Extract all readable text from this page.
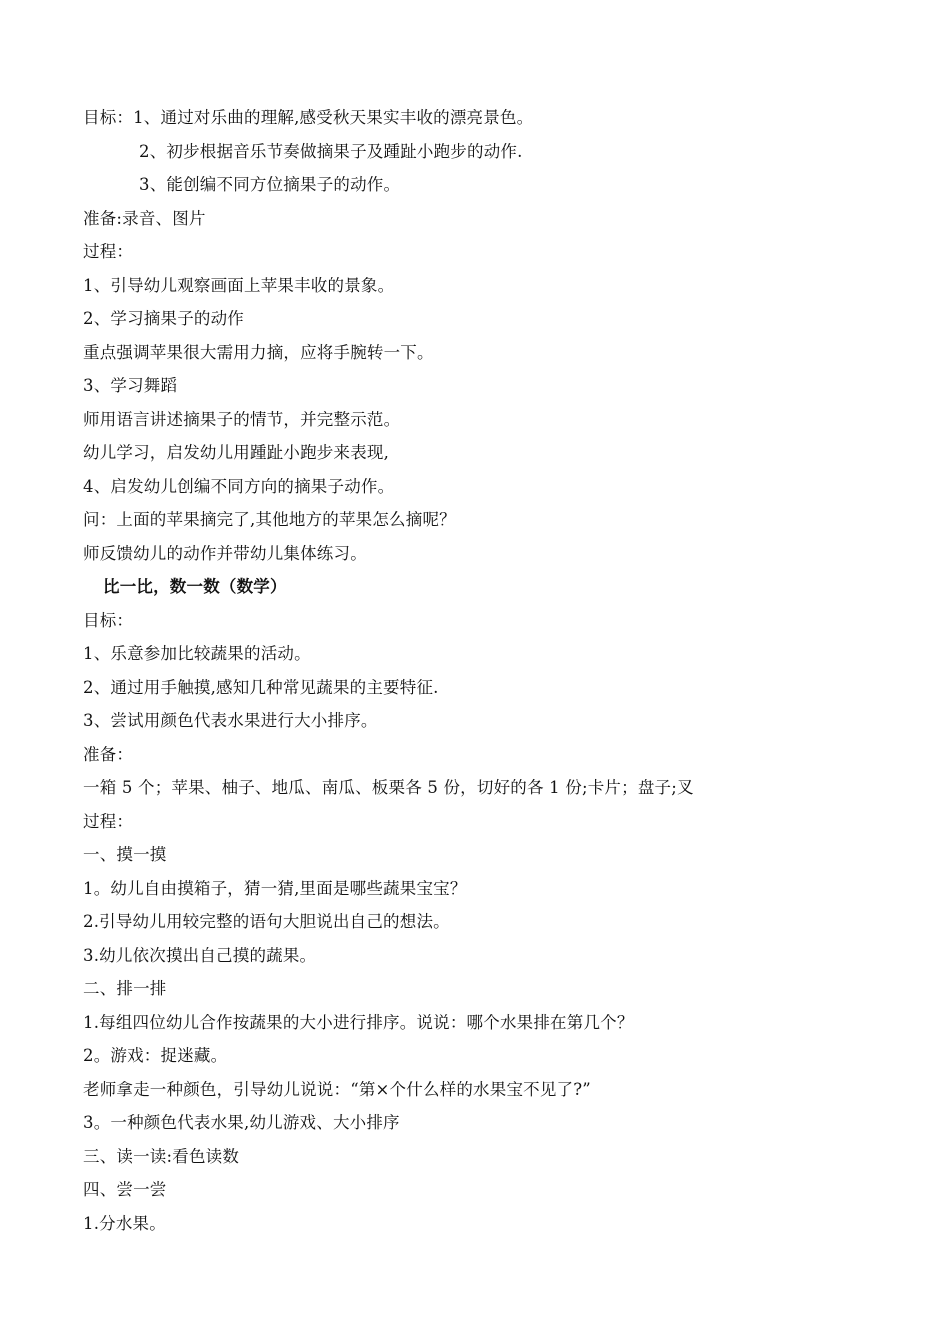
目标：1、通过对乐曲的理解,感受秋天果实丰收的漂亮景色。
2、初步根据音乐节奏做摘果子及踵趾小跑步的动作.
3、能创编不同方位摘果子的动作。
准备:录音、图片
过程：
1、引导幼儿观察画面上苹果丰收的景象。
2、学习摘果子的动作
重点强调苹果很大需用力摘，应将手腕转一下。
3、学习舞蹈
师用语言讲述摘果子的情节，并完整示范。
幼儿学习，启发幼儿用踵趾小跑步来表现,
4、启发幼儿创编不同方向的摘果子动作。
问：上面的苹果摘完了,其他地方的苹果怎么摘呢？
师反馈幼儿的动作并带幼儿集体练习。
比一比，数一数（数学）
目标：
1、乐意参加比较蔬果的活动。
2、通过用手触摸,感知几种常见蔬果的主要特征.
3、尝试用颜色代表水果进行大小排序。
准备：
一箱 5 个；苹果、柚子、地瓜、南瓜、板栗各 5 份，切好的各 1 份;卡片；盘子;叉
过程：
一、摸一摸
1。幼儿自由摸箱子，猜一猜,里面是哪些蔬果宝宝？
2.引导幼儿用较完整的语句大胆说出自己的想法。
3.幼儿依次摸出自己摸的蔬果。
二、排一排
1.每组四位幼儿合作按蔬果的大小进行排序。说说：哪个水果排在第几个？
2。游戏：捉迷藏。
老师拿走一种颜色，引导幼儿说说：“第×个什么样的水果宝不见了?”
3。一种颜色代表水果,幼儿游戏、大小排序
三、读一读:看色读数
四、尝一尝
1.分水果。
